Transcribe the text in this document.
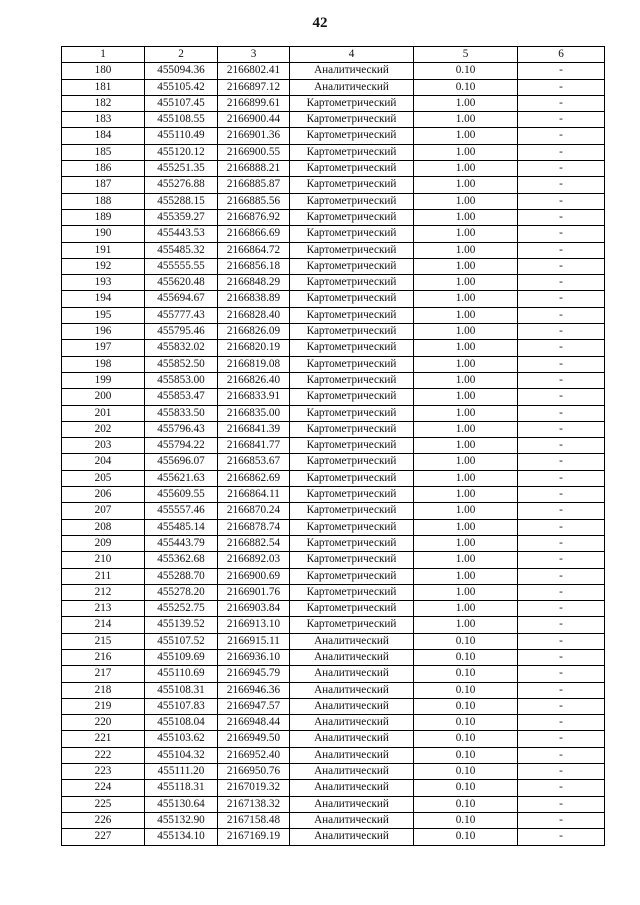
42
1	2	3	4	5	6
180	455094.36	2166802.41	Аналитический	0.10	-
181	455105.42	2166897.12	Аналитический	0.10	-
182	455107.45	2166899.61	Картометрический	1.00	-
183	455108.55	2166900.44	Картометрический	1.00	-
184	455110.49	2166901.36	Картометрический	1.00	-
185	455120.12	2166900.55	Картометрический	1.00	-
186	455251.35	2166888.21	Картометрический	1.00	-
187	455276.88	2166885.87	Картометрический	1.00	-
188	455288.15	2166885.56	Картометрический	1.00	-
189	455359.27	2166876.92	Картометрический	1.00	-
190	455443.53	2166866.69	Картометрический	1.00	-
191	455485.32	2166864.72	Картометрический	1.00	-
192	455555.55	2166856.18	Картометрический	1.00	-
193	455620.48	2166848.29	Картометрический	1.00	-
194	455694.67	2166838.89	Картометрический	1.00	-
195	455777.43	2166828.40	Картометрический	1.00	-
196	455795.46	2166826.09	Картометрический	1.00	-
197	455832.02	2166820.19	Картометрический	1.00	-
198	455852.50	2166819.08	Картометрический	1.00	-
199	455853.00	2166826.40	Картометрический	1.00	-
200	455853.47	2166833.91	Картометрический	1.00	-
201	455833.50	2166835.00	Картометрический	1.00	-
202	455796.43	2166841.39	Картометрический	1.00	-
203	455794.22	2166841.77	Картометрический	1.00	-
204	455696.07	2166853.67	Картометрический	1.00	-
205	455621.63	2166862.69	Картометрический	1.00	-
206	455609.55	2166864.11	Картометрический	1.00	-
207	455557.46	2166870.24	Картометрический	1.00	-
208	455485.14	2166878.74	Картометрический	1.00	-
209	455443.79	2166882.54	Картометрический	1.00	-
210	455362.68	2166892.03	Картометрический	1.00	-
211	455288.70	2166900.69	Картометрический	1.00	-
212	455278.20	2166901.76	Картометрический	1.00	-
213	455252.75	2166903.84	Картометрический	1.00	-
214	455139.52	2166913.10	Картометрический	1.00	-
215	455107.52	2166915.11	Аналитический	0.10	-
216	455109.69	2166936.10	Аналитический	0.10	-
217	455110.69	2166945.79	Аналитический	0.10	-
218	455108.31	2166946.36	Аналитический	0.10	-
219	455107.83	2166947.57	Аналитический	0.10	-
220	455108.04	2166948.44	Аналитический	0.10	-
221	455103.62	2166949.50	Аналитический	0.10	-
222	455104.32	2166952.40	Аналитический	0.10	-
223	455111.20	2166950.76	Аналитический	0.10	-
224	455118.31	2167019.32	Аналитический	0.10	-
225	455130.64	2167138.32	Аналитический	0.10	-
226	455132.90	2167158.48	Аналитический	0.10	-
227	455134.10	2167169.19	Аналитический	0.10	-
